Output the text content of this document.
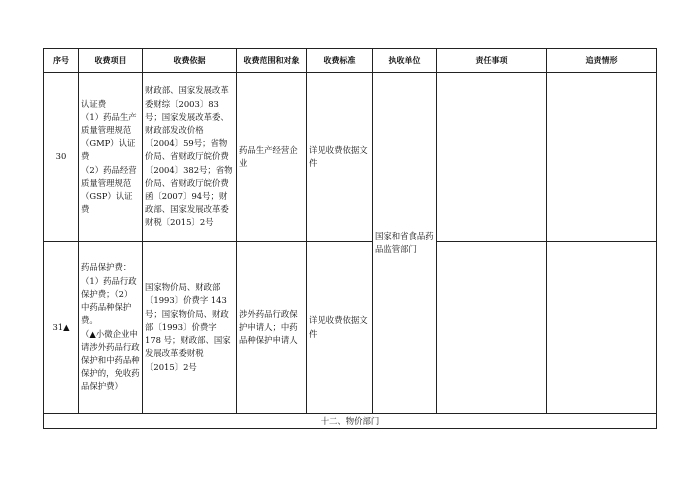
序号	收费项目	收费依据	收费范围和对象	收费标准	执收单位	责任事项	追责情形
30	认证费
（1）药品生产质量管理规范（GMP）认证费
（2）药品经营质量管理规范（GSP）认证费	财政部、国家发展改革委财综〔2003〕83 号；国家发展改革委、财政部发改价格〔2004〕59号；省物价局、省财政厅皖价费〔2004〕382号；省物价局、省财政厅皖价费函〔2007〕94号；财政部、国家发展改革委财税〔2015〕2号	药品生产经营企业	详见收费依据文件	国家和省食品药品监管部门		
31▲	药品保护费：
（1）药品行政保护费；（2）中药品种保护费。
（▲小微企业申请涉外药品行政保护和中药品种保护的，免收药品保护费）	国家物价局、财政部〔1993〕价费字 143 号；国家物价局、财政部〔1993〕价费字 178 号；财政部、国家发展改革委财税〔2015〕2号	涉外药品行政保护申请人；中药品种保护申请人	详见收费依据文件			
十二、物价部门							
